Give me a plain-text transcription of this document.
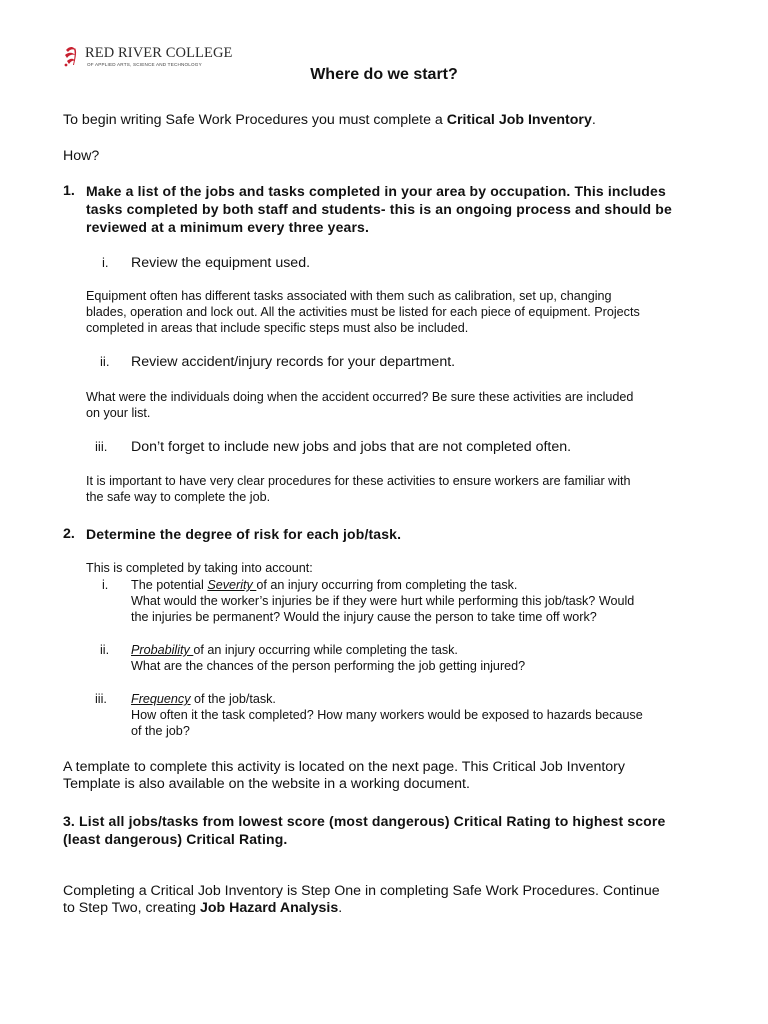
RED RIVER COLLEGE
OF APPLIED ARTS, SCIENCE AND TECHNOLOGY
Where do we start?
To begin writing Safe Work Procedures you must complete a Critical Job Inventory.
How?
1. Make a list of the jobs and tasks completed in your area by occupation. This includes
tasks completed by both staff and students- this is an ongoing process and should be
reviewed at a minimum every three years.
i. Review the equipment used.
Equipment often has different tasks associated with them such as calibration, set up, changing
blades, operation and lock out. All the activities must be listed for each piece of equipment. Projects
completed in areas that include specific steps must also be included.
ii. Review accident/injury records for your department.
What were the individuals doing when the accident occurred? Be sure these activities are included
on your list.
iii. Don’t forget to include new jobs and jobs that are not completed often.
It is important to have very clear procedures for these activities to ensure workers are familiar with
the safe way to complete the job.
2. Determine the degree of risk for each job/task.
This is completed by taking into account:
i. The potential Severity of an injury occurring from completing the task.
What would the worker’s injuries be if they were hurt while performing this job/task? Would
the injuries be permanent? Would the injury cause the person to take time off work?
ii. Probability of an injury occurring while completing the task.
What are the chances of the person performing the job getting injured?
iii. Frequency of the job/task.
How often it the task completed? How many workers would be exposed to hazards because
of the job?
A template to complete this activity is located on the next page. This Critical Job Inventory
Template is also available on the website in a working document.
3. List all jobs/tasks from lowest score (most dangerous) Critical Rating to highest score
(least dangerous) Critical Rating.
Completing a Critical Job Inventory is Step One in completing Safe Work Procedures. Continue
to Step Two, creating Job Hazard Analysis.
